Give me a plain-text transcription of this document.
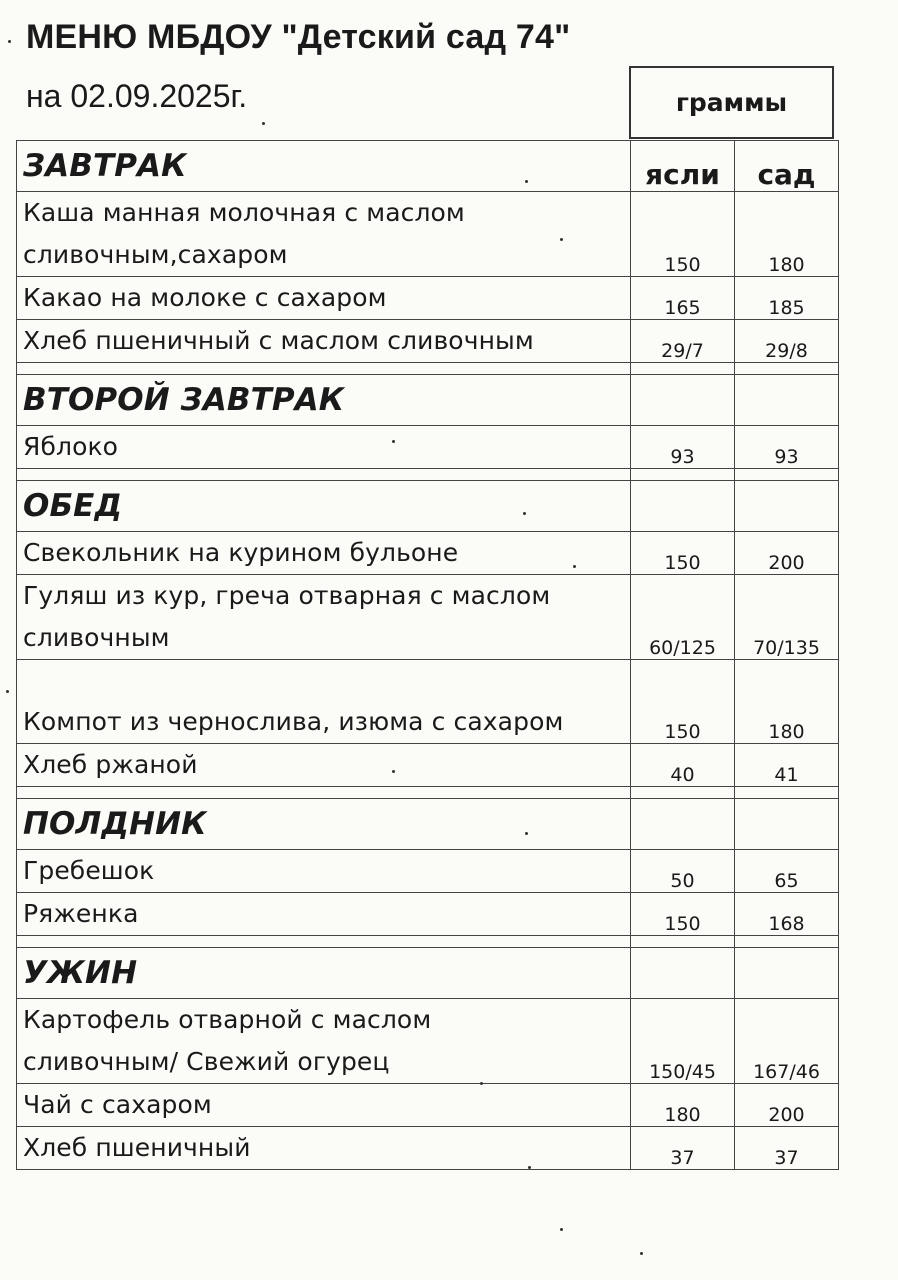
МЕНЮ МБДОУ "Детский сад 74"
на 02.09.2025г.	граммы
ЗАВТРАК	ясли	сад

Каша манная молочная с маслом
сливочным,сахаром	150	180
Какао на молоке с сахаром	165	185
Хлеб пшеничный с маслом сливочным	29/7	29/8

ВТОРОЙ ЗАВТРАК		
Яблоко	93	93

ОБЕД		
Свекольник на курином бульоне	150	200

Гуляш из кур, греча отварная с маслом
сливочным	60/125	70/135
Компот из чернослива, изюма с сахаром	150	180
Хлеб ржаной	40	41

ПОЛДНИК		
Гребешок	50	65
Ряженка	150	168

УЖИН		

Картофель отварной с маслом
сливочным/ Свежий огурец	150/45	167/46
Чай с сахаром	180	200
Хлеб пшеничный	37	37
